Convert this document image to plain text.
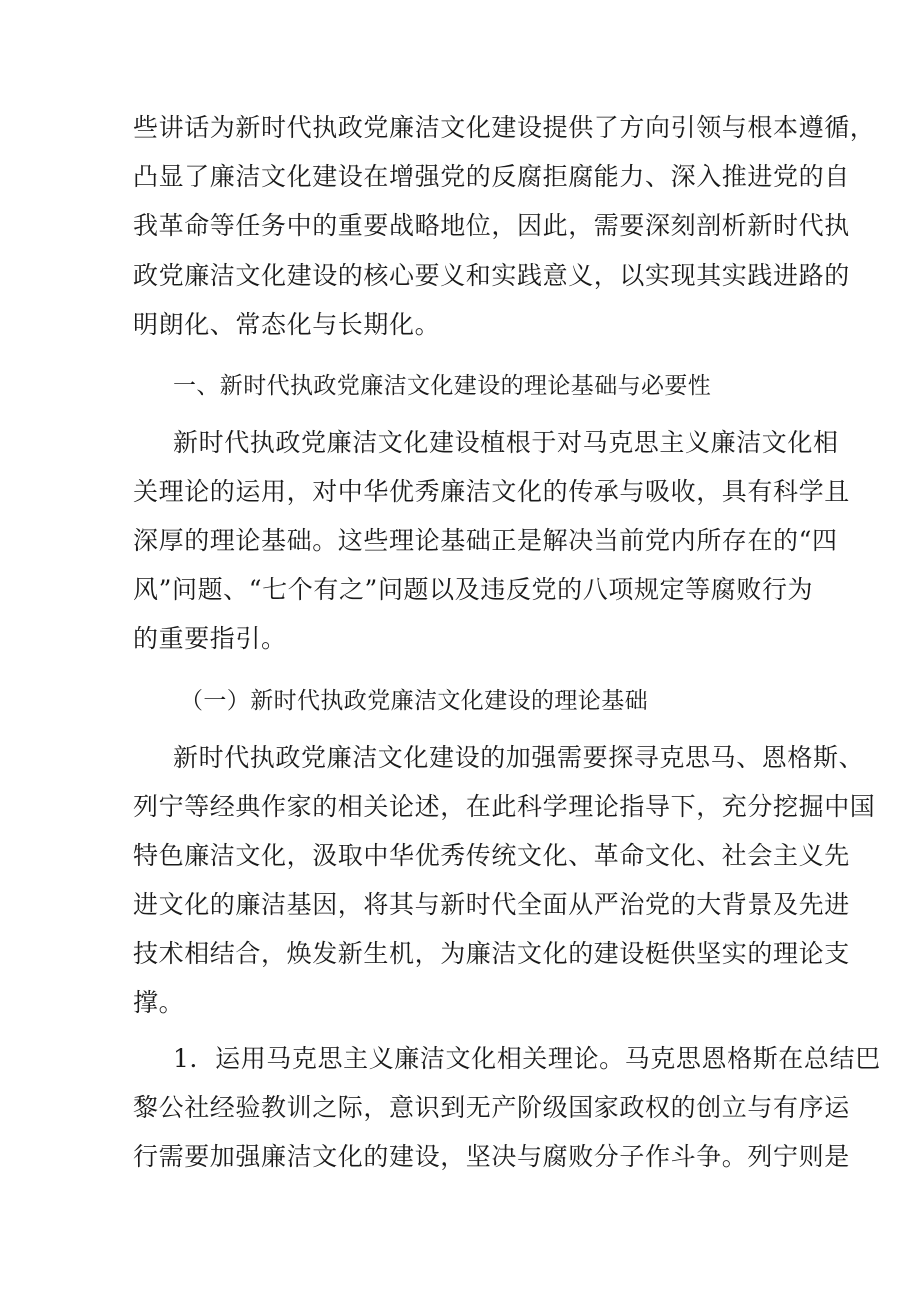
些讲话为新时代执政党廉洁文化建设提供了方向引领与根本遵循，
凸显了廉洁文化建设在增强党的反腐拒腐能力、深入推进党的自
我革命等任务中的重要战略地位，因此，需要深刻剖析新时代执
政党廉洁文化建设的核心要义和实践意义，以实现其实践进路的
明朗化、常态化与长期化。
一、新时代执政党廉洁文化建设的理论基础与必要性
新时代执政党廉洁文化建设植根于对马克思主义廉洁文化相
关理论的运用，对中华优秀廉洁文化的传承与吸收，具有科学且
深厚的理论基础。这些理论基础正是解决当前党内所存在的“四
风”问题、“七个有之”问题以及违反党的八项规定等腐败行为
的重要指引。
（一）新时代执政党廉洁文化建设的理论基础
新时代执政党廉洁文化建设的加强需要探寻克思马、恩格斯、
列宁等经典作家的相关论述，在此科学理论指导下，充分挖掘中国
特色廉洁文化，汲取中华优秀传统文化、革命文化、社会主义先
进文化的廉洁基因，将其与新时代全面从严治党的大背景及先进
技术相结合，焕发新生机，为廉洁文化的建设梃供坚实的理论支
撑。
1．运用马克思主义廉洁文化相关理论。马克思恩格斯在总结巴
黎公社经验教训之际，意识到无产阶级国家政权的创立与有序运
行需要加强廉洁文化的建设，坚决与腐败分子作斗争。列宁则是
